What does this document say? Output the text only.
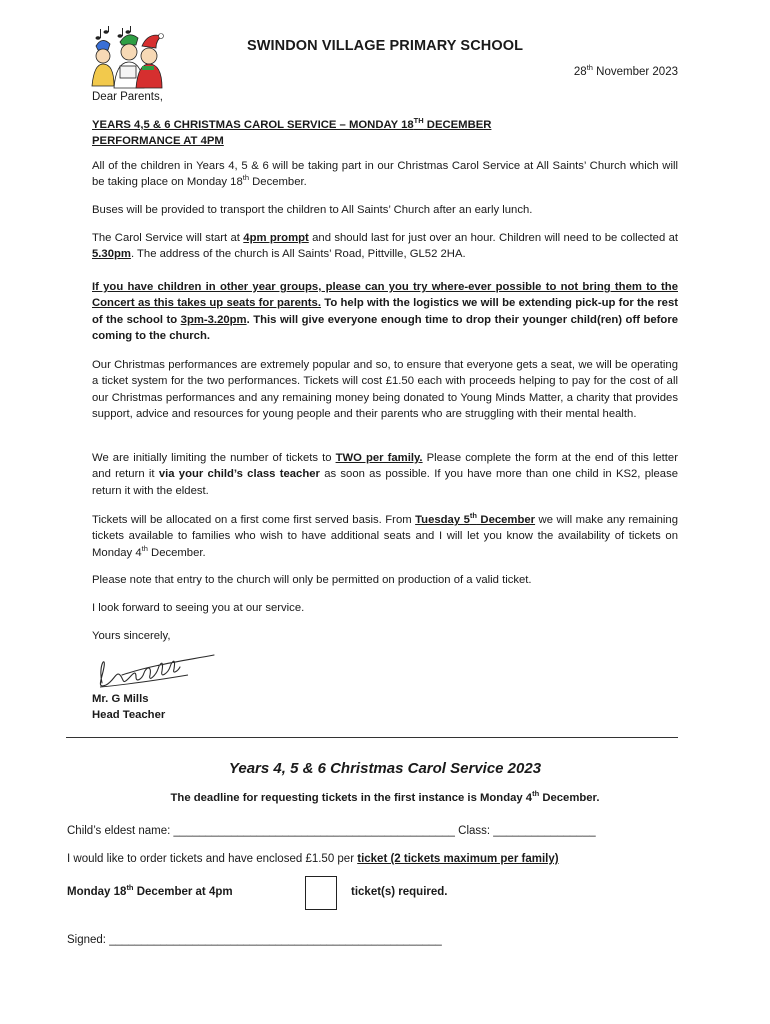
SWINDON VILLAGE PRIMARY SCHOOL
28th November 2023
Dear Parents,
YEARS 4,5 & 6 CHRISTMAS CAROL SERVICE – MONDAY 18TH DECEMBER
PERFORMANCE AT 4PM
All of the children in Years 4, 5 & 6 will be taking part in our Christmas Carol Service at All Saints’ Church which will be taking place on Monday 18th December.
Buses will be provided to transport the children to All Saints’ Church after an early lunch.
The Carol Service will start at 4pm prompt and should last for just over an hour. Children will need to be collected at 5.30pm. The address of the church is All Saints’ Road, Pittville, GL52 2HA.
If you have children in other year groups, please can you try where-ever possible to not bring them to the Concert as this takes up seats for parents. To help with the logistics we will be extending pick-up for the rest of the school to 3pm-3.20pm. This will give everyone enough time to drop their younger child(ren) off before coming to the church.
Our Christmas performances are extremely popular and so, to ensure that everyone gets a seat, we will be operating a ticket system for the two performances. Tickets will cost £1.50 each with proceeds helping to pay for the cost of all our Christmas performances and any remaining money being donated to Young Minds Matter, a charity that provides support, advice and resources for young people and their parents who are struggling with their mental health.
We are initially limiting the number of tickets to TWO per family. Please complete the form at the end of this letter and return it via your child’s class teacher as soon as possible. If you have more than one child in KS2, please return it with the eldest.
Tickets will be allocated on a first come first served basis. From Tuesday 5th December we will make any remaining tickets available to families who wish to have additional seats and I will let you know the availability of tickets on Monday 4th December.
Please note that entry to the church will only be permitted on production of a valid ticket.
I look forward to seeing you at our service.
Yours sincerely,
Mr. G Mills
Head Teacher
Years 4, 5 & 6 Christmas Carol Service 2023
The deadline for requesting tickets in the first instance is Monday 4th December.
Child’s eldest name: ____________________________________________ Class: ________________
I would like to order tickets and have enclosed £1.50 per ticket (2 tickets maximum per family)
Monday 18th December at 4pm	ticket(s) required.
Signed: ____________________________________________________
